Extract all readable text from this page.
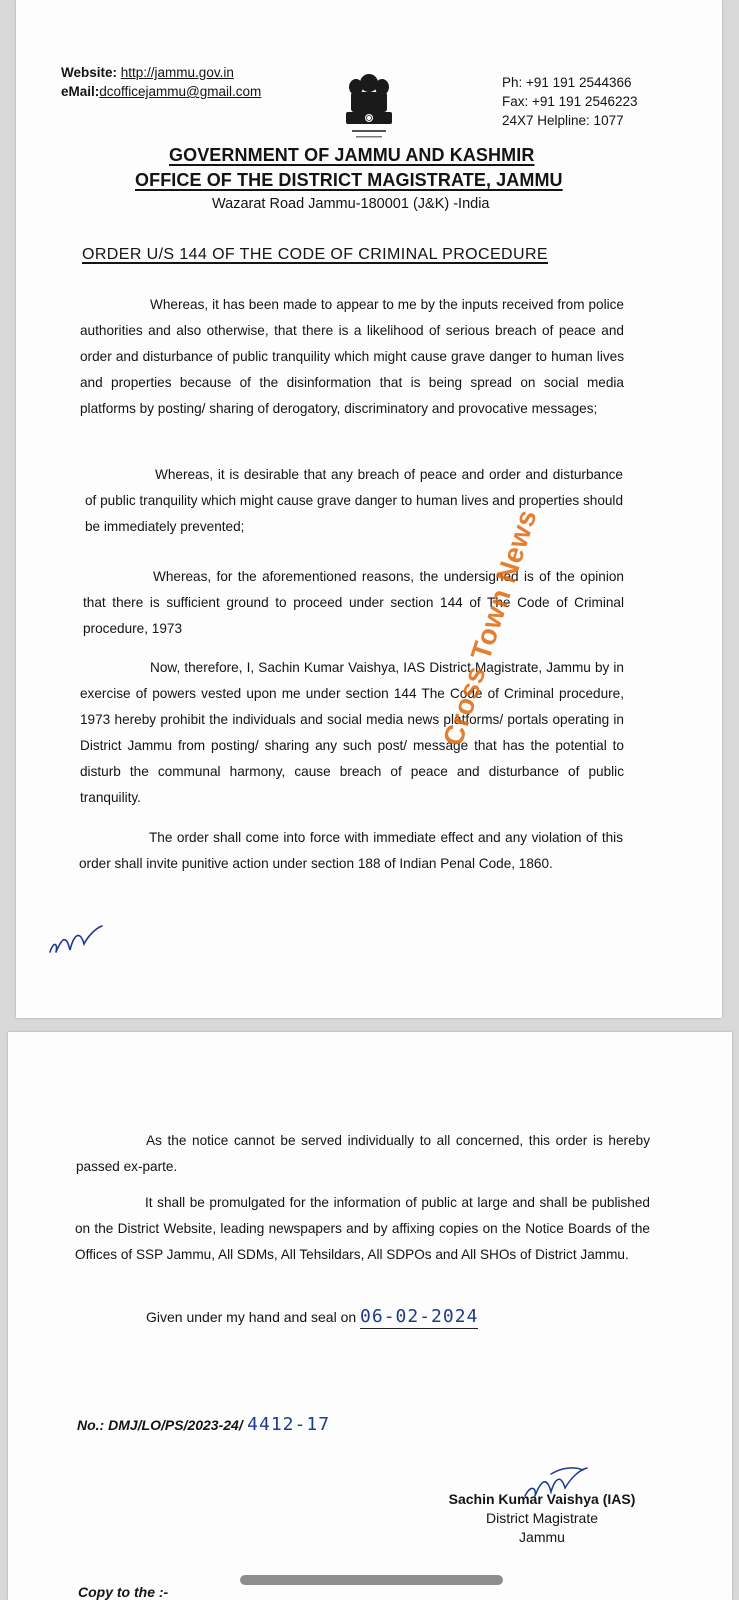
Website: http://jammu.gov.in
eMail:dcofficejammu@gmail.com
Ph: +91 191 2544366
Fax: +91 191 2546223
24X7 Helpline: 1077
GOVERNMENT OF JAMMU AND KASHMIR
OFFICE OF THE DISTRICT MAGISTRATE, JAMMU
Wazarat Road Jammu-180001 (J&K) -India
ORDER U/S 144 OF THE CODE OF CRIMINAL PROCEDURE
Whereas, it has been made to appear to me by the inputs received from police authorities and also otherwise, that there is a likelihood of serious breach of peace and order and disturbance of public tranquility which might cause grave danger to human lives and properties because of the disinformation that is being spread on social media platforms by posting/ sharing of derogatory, discriminatory and provocative messages;
Whereas, it is desirable that any breach of peace and order and disturbance of public tranquility which might cause grave danger to human lives and properties should be immediately prevented;
Whereas, for the aforementioned reasons, the undersigned is of the opinion that there is sufficient ground to proceed under section 144 of The Code of Criminal procedure, 1973
Now, therefore, I, Sachin Kumar Vaishya, IAS District Magistrate, Jammu by in exercise of powers vested upon me under section 144 The Code of Criminal procedure, 1973 hereby prohibit the individuals and social media news platforms/ portals operating in District Jammu from posting/ sharing any such post/ message that has the potential to disturb the communal harmony, cause breach of peace and disturbance of public tranquility.
The order shall come into force with immediate effect and any violation of this order shall invite punitive action under section 188 of Indian Penal Code, 1860.
As the notice cannot be served individually to all concerned, this order is hereby passed ex-parte.
It shall be promulgated for the information of public at large and shall be published on the District Website, leading newspapers and by affixing copies on the Notice Boards of the Offices of SSP Jammu, All SDMs, All Tehsildars, All SDPOs and All SHOs of District Jammu.
Given under my hand and seal on 06-02-2024
No.: DMJ/LO/PS/2023-24/ 4412-17
Sachin Kumar Vaishya (IAS)
District Magistrate
Jammu
Copy to the :-
Cross Town News
